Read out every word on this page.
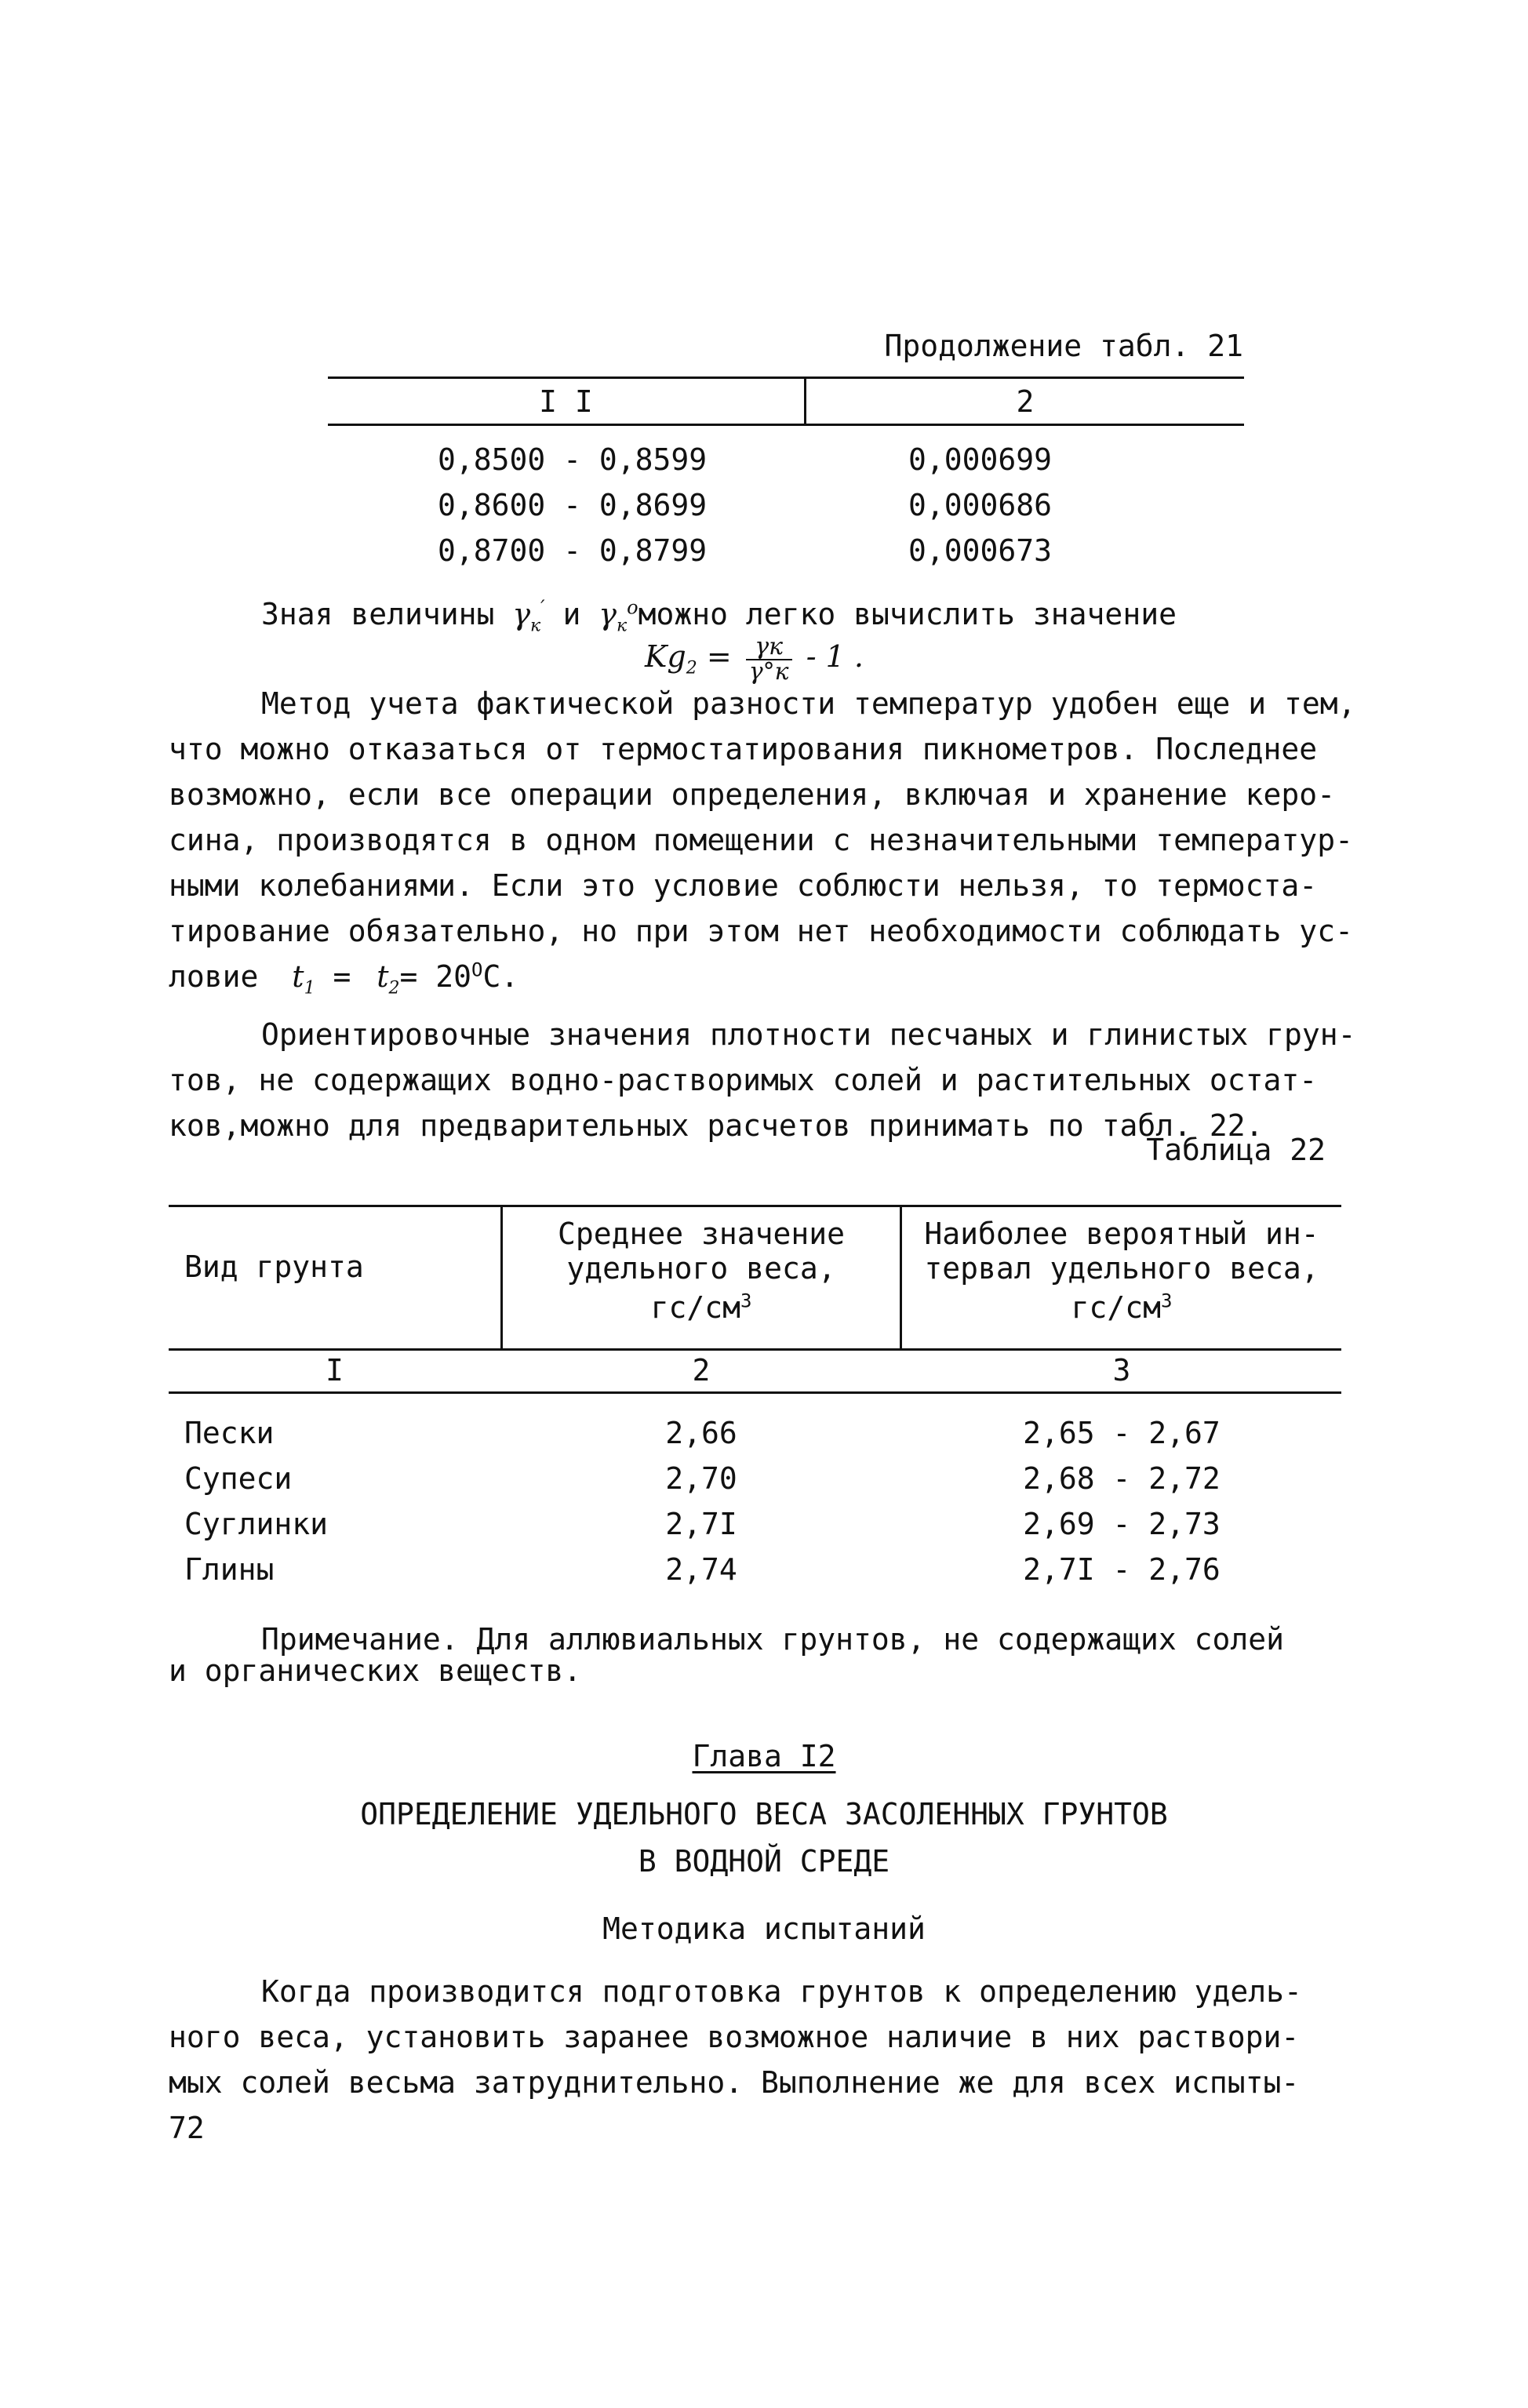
Продолжение табл. 21
I I	2
0,8500 - 0,8599	0,000699
0,8600 - 0,8699	0,000686
0,8700 - 0,8799	0,000673
Зная величины $\gamma_к'$ и $\gamma_к^oможно$ легко вычислить значение
$Kg_2 = \frac{\gamma к}{\gamma^\circ к} - 1$ .
Метод учета фактической разности температур удобен еще и тем,
что можно отказаться от термостатирования пикнометров. Последнее
возможно, если все операции определения, включая и хранение керо-
сина, производятся в одном помещении с незначительными температур-
ными колебаниями. Если это условие соблюсти нельзя, то термоста-
тирование обязательно, но при этом нет необходимости соблюдать ус-
ловие $t_1 = t_2= 20^OC$.
Ориентировочные значения плотности песчаных и глинистых грун-
тов, не содержащих водно-растворимых солей и растительных остат-
ков,можно для предварительных расчетов принимать по табл. 22.
Таблица 22
Вид грунта
Среднее значение
удельного веса,
$гс/см^3$
Наиболее вероятный ин-
тервал удельного веса,
$гс/см^3$
I	2	3
Пески	2,66	2,65 - 2,67
Супеси	2,70	2,68 - 2,72
Суглинки	2,7I	2,69 - 2,73
Глины	2,74	2,7I - 2,76
Примечание. Для аллювиальных грунтов, не содержащих солей
и органических веществ.
Глава I2
ОПРЕДЕЛЕНИЕ УДЕЛЬНОГО ВЕСА ЗАСОЛЕННЫХ ГРУНТОВ
В ВОДНОЙ СРЕДЕ
Методика испытаний
Когда производится подготовка грунтов к определению удель-
ного веса, установить заранее возможное наличие в них раствори-
мых солей весьма затруднительно. Выполнение же для всех испыты-
72
